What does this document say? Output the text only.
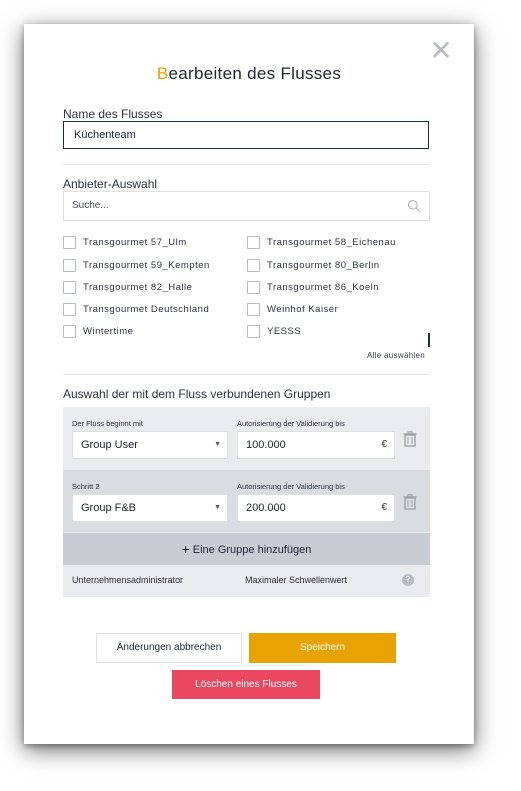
✕
Bearbeiten des Flusses
Name des Flusses
Küchenteam
Anbieter-Auswahl
Suche...
Transgourmet 57_Ulm	Transgourmet 58_Eichenau
Transgourmet 59_Kempten	Transgourmet 80_Berlin
Transgourmet 82_Halle	Transgourmet 86_Koeln
Transgourmet Deutschland	Weinhof Kaiser
Wintertime	YESSS
Alle auswählen
Auswahl der mit dem Fluss verbundenen Gruppen
Der Fluss beginnt mit	Autorisierung der Validierung bis
Group User	▼	100.000	€
Schritt 2	Autorisierung der Validierung bis
Group F&B	▼	200.000	€
+ Eine Gruppe hinzufügen
Unternehmensadministrator	Maximaler Schwellenwert	?
Änderungen abbrechen	Speichern
Löschen eines Flusses
